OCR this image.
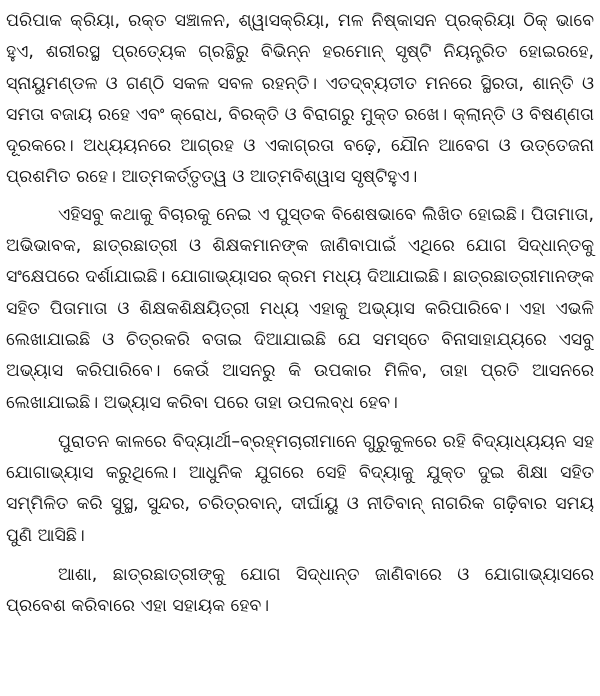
ପରିପାକ କ୍ରିୟା, ରକ୍ତ ସଞ୍ଚାଳନ, ଶ୍ୱାସକ୍ରିୟା, ମଳ ନିଷ୍କାସନ ପ୍ରକ୍ରିୟା ଠିକ୍ ଭାବେ ହୁଏ, ଶରୀରସ୍ଥ ପ୍ରତ୍ୟେକ ଗ୍ରନ୍ଥିରୁ ବିଭିନ୍ନ ହରମୋନ୍ ସୃଷ୍ଟି ନିୟନ୍ତ୍ରିତ ହୋଇରହେ, ସ୍ନାୟୁମଣ୍ଡଳ ଓ ଗଣ୍ଠି ସକଳ ସବଳ ରହନ୍ତି। ଏତଦ୍‌ବ୍ୟତୀତ ମନରେ ସ୍ଥିରତା, ଶାନ୍ତି ଓ ସମତା ବଜାୟ ରହେ ଏବଂ କ୍ରୋଧ, ବିରକ୍ତି ଓ ବିରାଗରୁ ମୁକ୍ତ ରଖେ। କ୍ଲାନ୍ତି ଓ ବିଷଣ୍ଣତା ଦୂରକରେ। ଅଧ୍ୟୟନରେ ଆଗ୍ରହ ଓ ଏକାଗ୍ରତା ବଢ଼େ, ଯୌନ ଆବେଗ ଓ ଉତ୍ତେଜନା ପ୍ରଶମିତ ରହେ। ଆତ୍ମକର୍ତ୍ତୃତ୍ୱ ଓ ଆତ୍ମବିଶ୍ୱାସ ସୃଷ୍ଟିହୁଏ।

ଏହିସବୁ କଥାକୁ ବିଚାରକୁ ନେଇ ଏ ପୁସ୍ତକ ବିଶେଷଭାବେ ଲିଖିତ ହୋଇଛି। ପିତାମାତା, ଅଭିଭାବକ, ଛାତ୍ରଛାତ୍ରୀ ଓ ଶିକ୍ଷକମାନଙ୍କ ଜାଣିବାପାଇଁ ଏଥିରେ ଯୋଗ ସିଦ୍ଧାନ୍ତକୁ ସଂକ୍ଷେପରେ ଦର୍ଶାଯାଇଛି। ଯୋଗାଭ୍ୟାସର କ୍ରମ ମଧ୍ୟ ଦିଆଯାଇଛି। ଛାତ୍ରଛାତ୍ରୀମାନଙ୍କ ସହିତ ପିତାମାତା ଓ ଶିକ୍ଷକଶିକ୍ଷୟିତ୍ରୀ ମଧ୍ୟ ଏହାକୁ ଅଭ୍ୟାସ କରିପାରିବେ। ଏହା ଏଭଳି ଲେଖାଯାଇଛି ଓ ଚିତ୍ରକରି ବତାଇ ଦିଆଯାଇଛି ଯେ ସମସ୍ତେ ବିନାସାହାଯ୍ୟରେ ଏସବୁ ଅଭ୍ୟାସ କରିପାରିବେ। କେଉଁ ଆସନରୁ କି ଉପକାର ମିଳିବ, ତାହା ପ୍ରତି ଆସନରେ ଲେଖାଯାଇଛି। ଅଭ୍ୟାସ କରିବା ପରେ ତାହା ଉପଲବ୍ଧ ହେବ।

ପୁରାତନ କାଳରେ ବିଦ୍ୟାର୍ଥୀ–ବ୍ରହ୍ମଚାରୀମାନେ ଗୁରୁକୁଳରେ ରହି ବିଦ୍ୟାଧ୍ୟୟନ ସହ ଯୋଗାଭ୍ୟାସ କରୁଥିଲେ। ଆଧୁନିକ ଯୁଗରେ ସେହି ବିଦ୍ୟାକୁ ଯୁକ୍ତ ଦୁଇ ଶିକ୍ଷା ସହିତ ସମ୍ମିଳିତ କରି ସୁସ୍ଥ, ସୁନ୍ଦର, ଚରିତ୍ରବାନ୍, ଦୀର୍ଘାୟୁ ଓ ନୀତିବାନ୍ ନାଗରିକ ଗଢ଼ିବାର ସମୟ ପୁଣି ଆସିଛି।

ଆଶା, ଛାତ୍ରଛାତ୍ରୀଙ୍କୁ ଯୋଗ ସିଦ୍ଧାନ୍ତ ଜାଣିବାରେ ଓ ଯୋଗାଭ୍ୟାସରେ ପ୍ରବେଶ କରିବାରେ ଏହା ସହାୟକ ହେବ।
